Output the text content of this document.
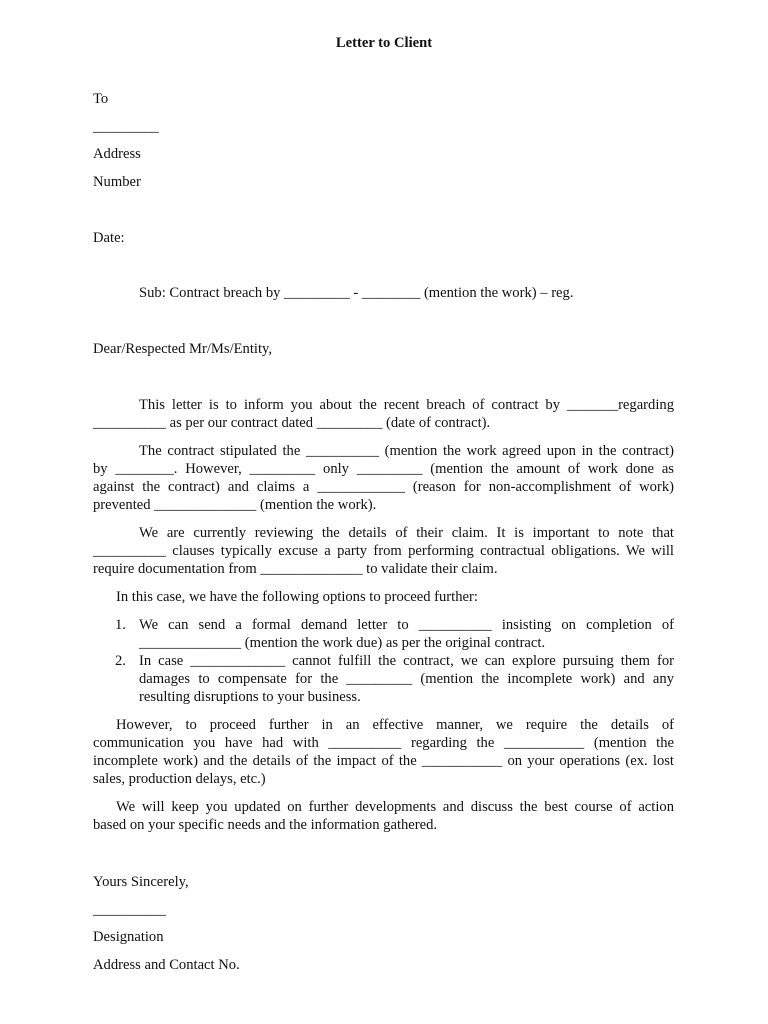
Letter to Client
To
_________
Address
Number
Date:
Sub: Contract breach by _________ - ________ (mention the work) – reg.
Dear/Respected Mr/Ms/Entity,
This letter is to inform you about the recent breach of contract by _______regarding
__________ as per our contract dated _________ (date of contract).
The contract stipulated the __________ (mention the work agreed upon in the contract)
by ________. However, _________ only _________ (mention the amount of work done as
against the contract) and claims a ____________ (reason for non-accomplishment of work)
prevented ______________ (mention the work).
We are currently reviewing the details of their claim. It is important to note that
__________ clauses typically excuse a party from performing contractual obligations. We will
require documentation from ______________ to validate their claim.
In this case, we have the following options to proceed further:
1. We can send a formal demand letter to __________ insisting on completion of
______________ (mention the work due) as per the original contract.
2. In case _____________ cannot fulfill the contract, we can explore pursuing them for
damages to compensate for the _________ (mention the incomplete work) and any
resulting disruptions to your business.
However, to proceed further in an effective manner, we require the details of
communication you have had with __________ regarding the ___________ (mention the
incomplete work) and the details of the impact of the ___________ on your operations (ex. lost
sales, production delays, etc.)
We will keep you updated on further developments and discuss the best course of action
based on your specific needs and the information gathered.
Yours Sincerely,
__________
Designation
Address and Contact No.
